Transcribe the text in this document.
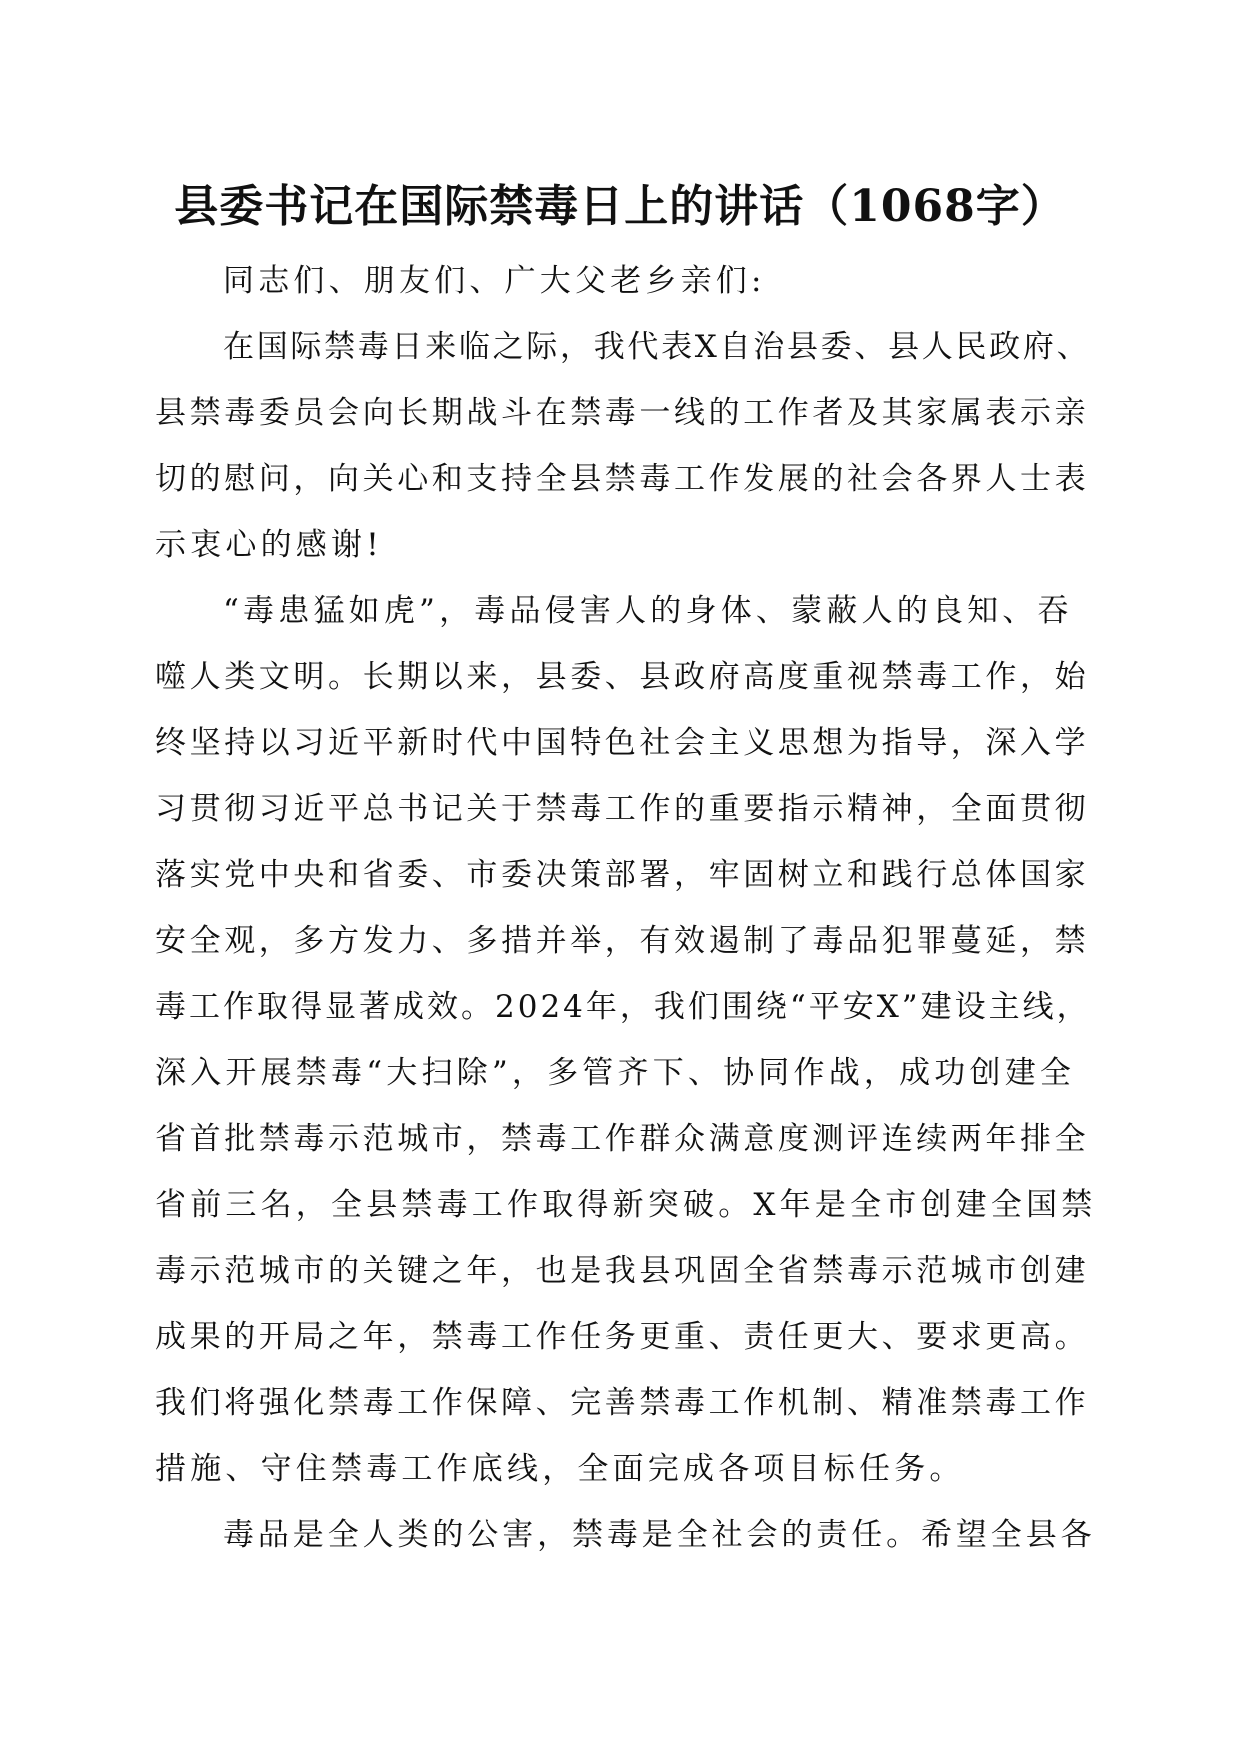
县委书记在国际禁毒日上的讲话（1068字）

同志们、朋友们、广大父老乡亲们:

在国际禁毒日来临之际，我代表X自治县委、县人民政府、

县禁毒委员会向长期战斗在禁毒一线的工作者及其家属表示亲

切的慰问，向关心和支持全县禁毒工作发展的社会各界人士表

示衷心的感谢!

“毒患猛如虎”，毒品侵害人的身体、蒙蔽人的良知、吞

噬人类文明。长期以来，县委、县政府高度重视禁毒工作，始

终坚持以习近平新时代中国特色社会主义思想为指导，深入学

习贯彻习近平总书记关于禁毒工作的重要指示精神，全面贯彻

落实党中央和省委、市委决策部署，牢固树立和践行总体国家

安全观，多方发力、多措并举，有效遏制了毒品犯罪蔓延，禁

毒工作取得显著成效。2024年，我们围绕“平安X”建设主线，

深入开展禁毒“大扫除”，多管齐下、协同作战，成功创建全

省首批禁毒示范城市，禁毒工作群众满意度测评连续两年排全

省前三名，全县禁毒工作取得新突破。X年是全市创建全国禁

毒示范城市的关键之年，也是我县巩固全省禁毒示范城市创建

成果的开局之年，禁毒工作任务更重、责任更大、要求更高。

我们将强化禁毒工作保障、完善禁毒工作机制、精准禁毒工作

措施、守住禁毒工作底线，全面完成各项目标任务。

毒品是全人类的公害，禁毒是全社会的责任。希望全县各
